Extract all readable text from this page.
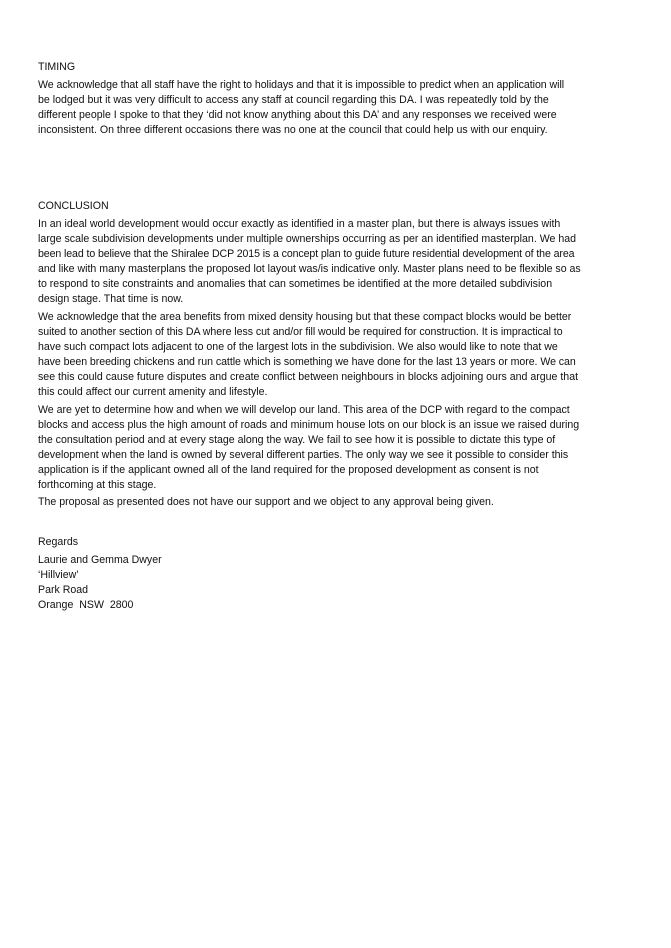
TIMING

We acknowledge that all staff have the right to holidays and that it is impossible to predict when an application will
be lodged but it was very difficult to access any staff at council regarding this DA. I was repeatedly told by the
different people I spoke to that they ‘did not know anything about this DA’ and any responses we received were
inconsistent. On three different occasions there was no one at the council that could help us with our enquiry.

CONCLUSION

In an ideal world development would occur exactly as identified in a master plan, but there is always issues with
large scale subdivision developments under multiple ownerships occurring as per an identified masterplan. We had
been lead to believe that the Shiralee DCP 2015 is a concept plan to guide future residential development of the area
and like with many masterplans the proposed lot layout was/is indicative only. Master plans need to be flexible so as
to respond to site constraints and anomalies that can sometimes be identified at the more detailed subdivision
design stage. That time is now.

We acknowledge that the area benefits from mixed density housing but that these compact blocks would be better
suited to another section of this DA where less cut and/or fill would be required for construction. It is impractical to
have such compact lots adjacent to one of the largest lots in the subdivision. We also would like to note that we
have been breeding chickens and run cattle which is something we have done for the last 13 years or more. We can
see this could cause future disputes and create conflict between neighbours in blocks adjoining ours and argue that
this could affect our current amenity and lifestyle.

We are yet to determine how and when we will develop our land. This area of the DCP with regard to the compact
blocks and access plus the high amount of roads and minimum house lots on our block is an issue we raised during
the consultation period and at every stage along the way. We fail to see how it is possible to dictate this type of
development when the land is owned by several different parties. The only way we see it possible to consider this
application is if the applicant owned all of the land required for the proposed development as consent is not
forthcoming at this stage.

The proposal as presented does not have our support and we object to any approval being given.

Regards
Laurie and Gemma Dwyer
‘Hillview’
Park Road
Orange  NSW  2800
